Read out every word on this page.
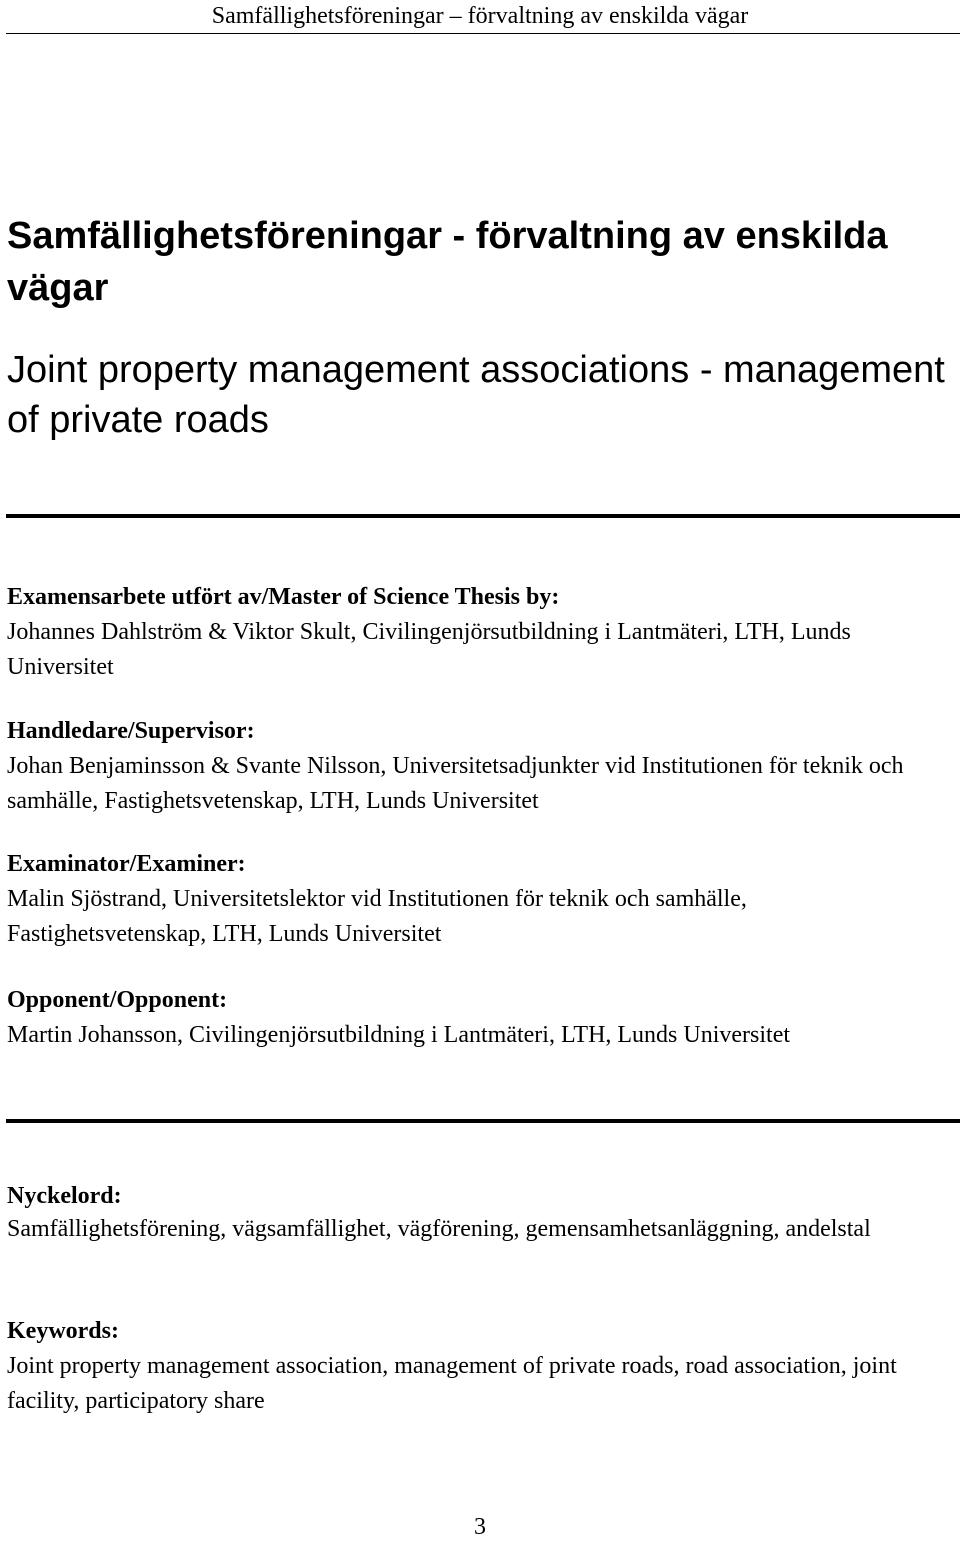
Samfällighetsföreningar – förvaltning av enskilda vägar
Samfällighetsföreningar - förvaltning av enskilda vägar
Joint property management associations - management of private roads
Examensarbete utfört av/Master of Science Thesis by:
Johannes Dahlström & Viktor Skult, Civilingenjörsutbildning i Lantmäteri, LTH, Lunds Universitet
Handledare/Supervisor:
Johan Benjaminsson & Svante Nilsson, Universitetsadjunkter vid Institutionen för teknik och samhälle, Fastighetsvetenskap, LTH, Lunds Universitet
Examinator/Examiner:
Malin Sjöstrand, Universitetslektor vid Institutionen för teknik och samhälle, Fastighetsvetenskap, LTH, Lunds Universitet
Opponent/Opponent:
Martin Johansson, Civilingenjörsutbildning i Lantmäteri, LTH, Lunds Universitet
Nyckelord:
Samfällighetsförening, vägsamfällighet, vägförening, gemensamhetsanläggning, andelstal
Keywords:
Joint property management association, management of private roads, road association, joint facility, participatory share
3
